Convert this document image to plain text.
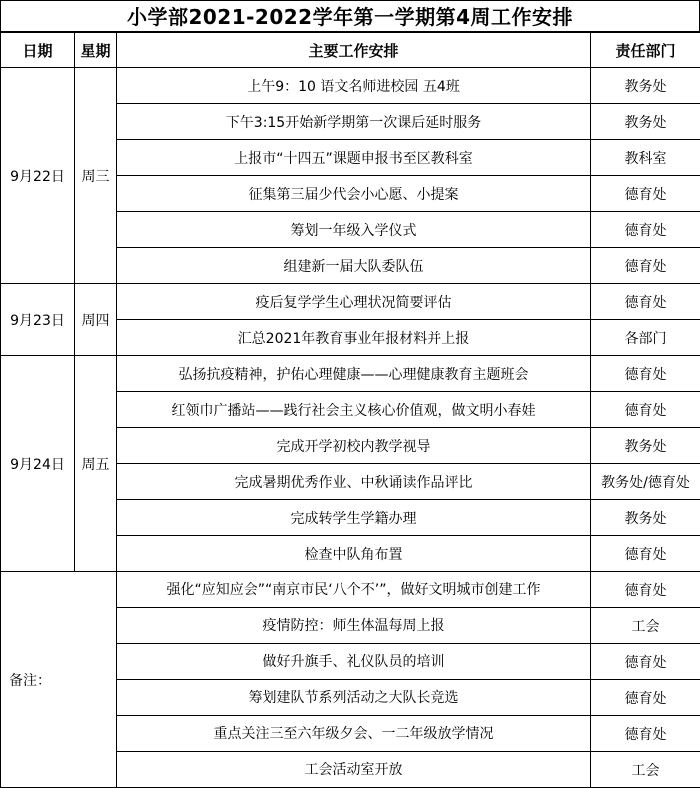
小学部2021-2022学年第一学期第4周工作安排
日期	星期	主要工作安排	责任部门
9月22日	周三	上午9：10 语文名师进校园 五4班	教务处
		下午3:15开始新学期第一次课后延时服务	教务处
		上报市“十四五”课题申报书至区教科室	教科室
		征集第三届少代会小心愿、小提案	德育处
		筹划一年级入学仪式	德育处
		组建新一届大队委队伍	德育处
9月23日	周四	疫后复学学生心理状况简要评估	德育处
		汇总2021年教育事业年报材料并上报	各部门
9月24日	周五	弘扬抗疫精神，护佑心理健康——心理健康教育主题班会	德育处
		红领巾广播站——践行社会主义核心价值观，做文明小春娃	德育处
		完成开学初校内教学视导	教务处
		完成暑期优秀作业、中秋诵读作品评比	教务处/德育处
		完成转学生学籍办理	教务处
		检查中队角布置	德育处
备注：		强化“应知应会”“南京市民‘八个不’”，做好文明城市创建工作	德育处
		疫情防控：师生体温每周上报	工会
		做好升旗手、礼仪队员的培训	德育处
		筹划建队节系列活动之大队长竞选	德育处
		重点关注三至六年级夕会、一二年级放学情况	德育处
		工会活动室开放	工会
